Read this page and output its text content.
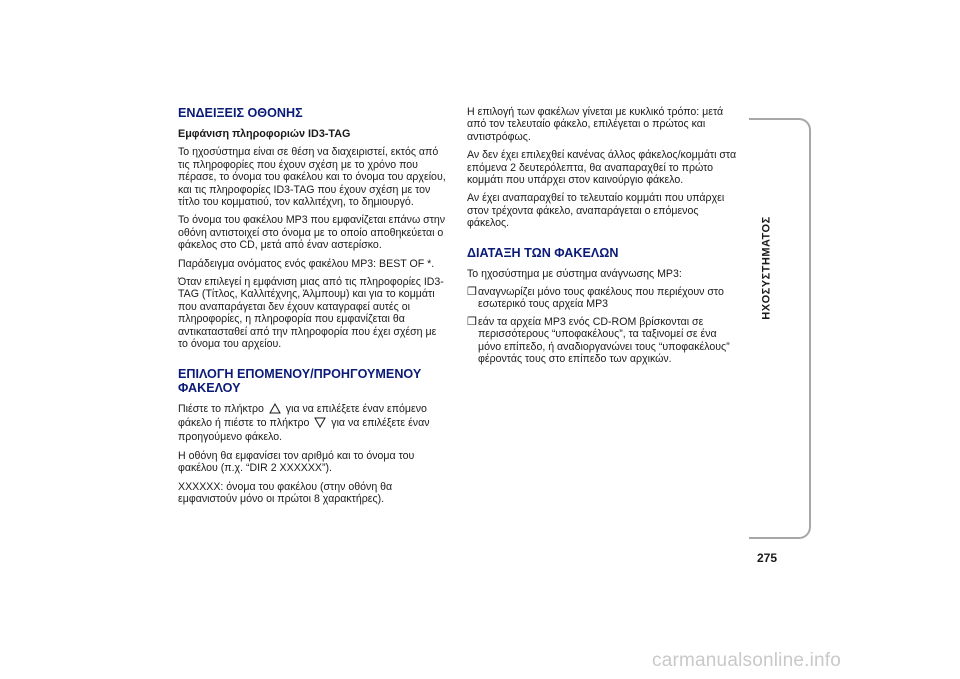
ΕΝΔΕΙΞΕΙΣ ΟΘΟΝΗΣ
Εμφάνιση πληροφοριών ID3-TAG

Το ηχοσύστημα είναι σε θέση να διαχειριστεί, εκτός από τις πληροφορίες που έχουν σχέση με το χρόνο που πέρασε, το όνομα του φακέλου και το όνομα του αρχείου, και τις πληροφορίες ID3-TAG που έχουν σχέση με τον τίτλο του κομματιού, τον καλλιτέχνη, το δημιουργό.

Το όνομα του φακέλου MP3 που εμφανίζεται επάνω στην οθόνη αντιστοιχεί στο όνομα με το οποίο αποθηκεύεται ο φάκελος στο CD, μετά από έναν αστερίσκο.

Παράδειγμα ονόματος ενός φακέλου MP3: BEST OF *.

Όταν επιλεγεί η εμφάνιση μιας από τις πληροφορίες ID3-TAG (Τίτλος, Καλλιτέχνης, Άλμπουμ) και για το κομμάτι που αναπαράγεται δεν έχουν καταγραφεί αυτές οι πληροφορίες, η πληροφορία που εμφανίζεται θα αντικατασταθεί από την πληροφορία που έχει σχέση με το όνομα του αρχείου.

ΕΠΙΛΟΓΗ ΕΠΟΜΕΝΟΥ/ΠΡΟΗΓΟΥΜΕΝΟΥ ΦΑΚΕΛΟΥ

Πιέστε το πλήκτρο για να επιλέξετε έναν επόμενο φάκελο ή πιέστε το πλήκτρο για να επιλέξετε έναν προηγούμενο φάκελο.

Η οθόνη θα εμφανίσει τον αριθμό και το όνομα του φακέλου (π.χ. “DIR 2 XXXXXX”).

XXXXXX: όνομα του φακέλου (στην οθόνη θα εμφανιστούν μόνο οι πρώτοι 8 χαρακτήρες).

Η επιλογή των φακέλων γίνεται με κυκλικό τρόπο: μετά από τον τελευταίο φάκελο, επιλέγεται ο πρώτος και αντιστρόφως.

Αν δεν έχει επιλεχθεί κανένας άλλος φάκελος/κομμάτι στα επόμενα 2 δευτερόλεπτα, θα αναπαραχθεί το πρώτο κομμάτι που υπάρχει στον καινούργιο φάκελο.

Αν έχει αναπαραχθεί το τελευταίο κομμάτι που υπάρχει στον τρέχοντα φάκελο, αναπαράγεται ο επόμενος φάκελος.

ΔΙΑΤΑΞΗ ΤΩΝ ΦΑΚΕΛΩΝ

Το ηχοσύστημα με σύστημα ανάγνωσης MP3:

❒ αναγνωρίζει μόνο τους φακέλους που περιέχουν στο εσωτερικό τους αρχεία MP3
❒ εάν τα αρχεία MP3 ενός CD-ROM βρίσκονται σε περισσότερους “υποφακέλους”, τα ταξινομεί σε ένα μόνο επίπεδο, ή αναδιοργανώνει τους “υποφακέλους” φέροντάς τους στο επίπεδο των αρχικών.
ΗΧΟΣΥΣΤΗΜΑΤΟΣ
275
carmanualsonline.info
